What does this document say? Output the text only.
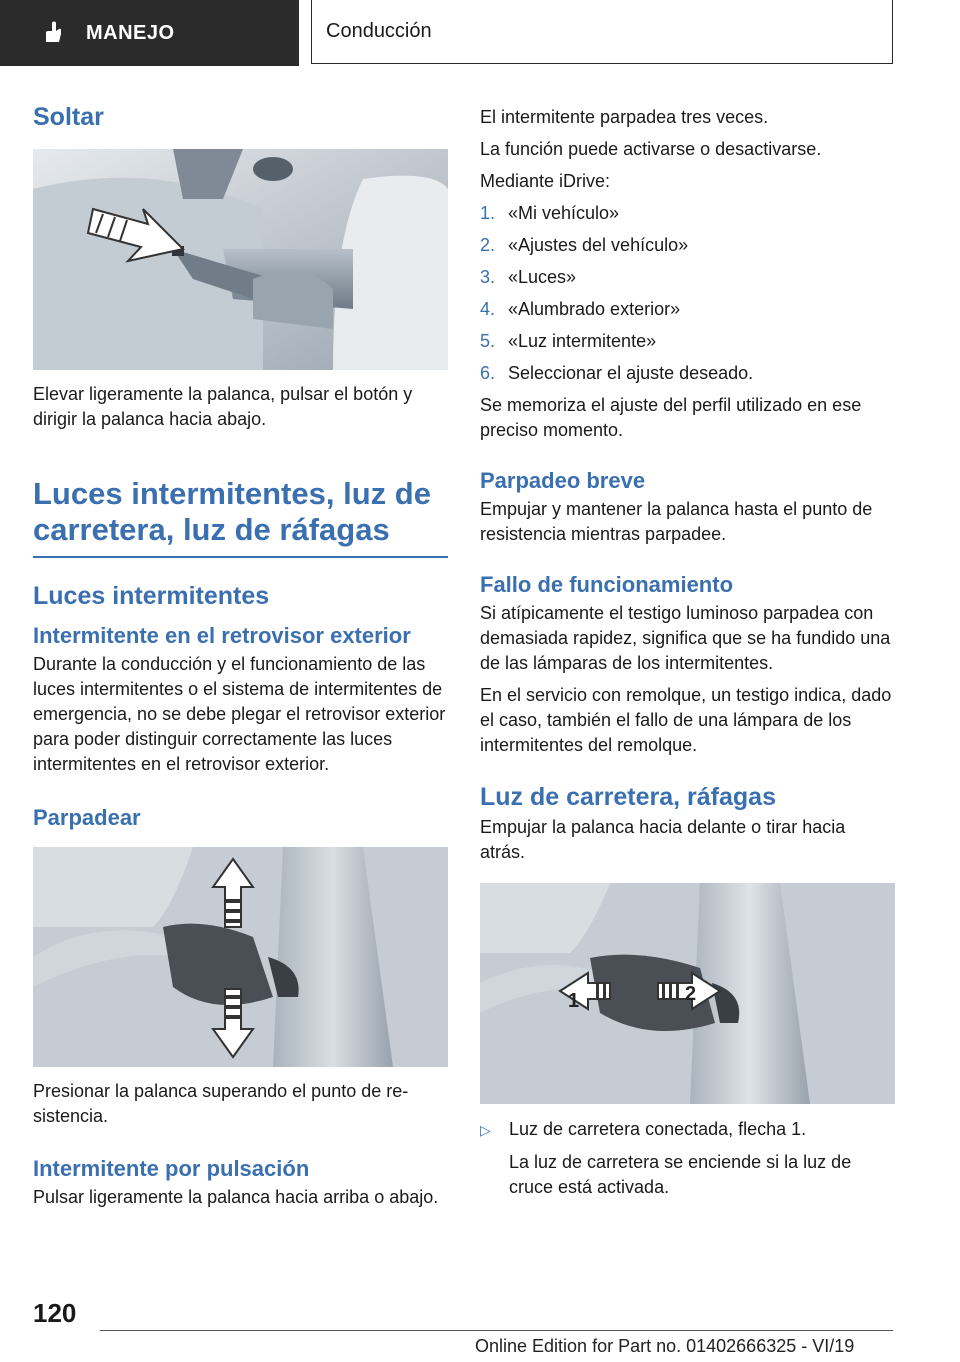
MANEJO	Conducción
Soltar

Elevar ligeramente la palanca, pulsar el botón y dirigir la palanca hacia abajo.

Luces intermitentes, luz de
carretera, luz de ráfagas
Luces intermitentes
Intermitente en el retrovisor exterior

Durante la conducción y el funcionamiento de las luces intermitentes o el sistema de intermitentes de emergencia, no se debe plegar el retrovisor exterior para poder distinguir correctamente las luces intermitentes en el retrovisor exterior.

Parpadear

Presionar la palanca superando el punto de re‐sistencia.

Intermitente por pulsación

Pulsar ligeramente la palanca hacia arriba o abajo.

El intermitente parpadea tres veces.

La función puede activarse o desactivarse.

Mediante iDrive:

1. «Mi vehículo»
2. «Ajustes del vehículo»
3. «Luces»
4. «Alumbrado exterior»
5. «Luz intermitente»
6. Seleccionar el ajuste deseado.

Se memoriza el ajuste del perfil utilizado en ese preciso momento.

Parpadeo breve

Empujar y mantener la palanca hasta el punto de resistencia mientras parpadee.

Fallo de funcionamiento

Si atípicamente el testigo luminoso parpadea con demasiada rapidez, significa que se ha fundido una de las lámparas de los intermitentes.

En el servicio con remolque, un testigo indica, dado el caso, también el fallo de una lámpara de los intermitentes del remolque.

Luz de carretera, ráfagas

Empujar la palanca hacia delante o tirar hacia atrás.

1	2
▷	Luz de carretera conectada, flecha 1.

La luz de carretera se enciende si la luz de cruce está activada.

120
Online Edition for Part no. 01402666325 - VI/19
